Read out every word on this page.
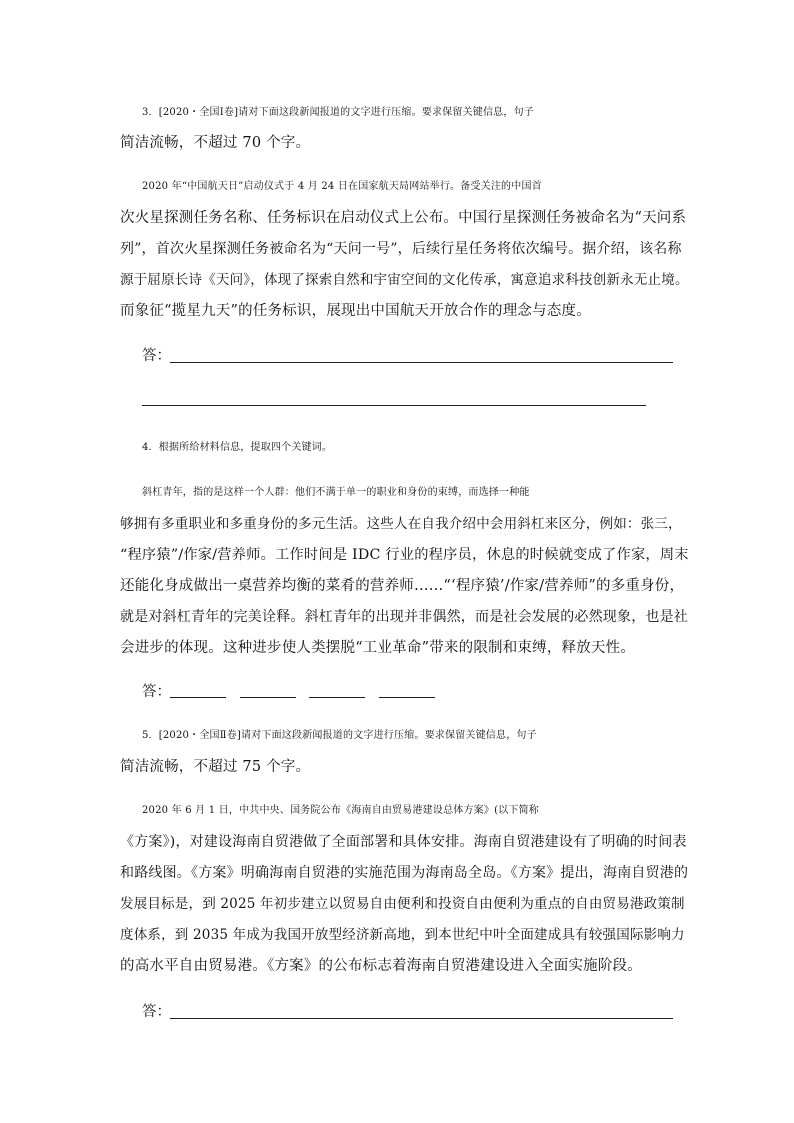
3．[2020・全国Ⅰ卷]请对下面这段新闻报道的文字进行压缩。要求保留关键信息，句子
简洁流畅，不超过 70 个字。
2020 年“中国航天日”启动仪式于 4 月 24 日在国家航天局网站举行。备受关注的中国首
次火星探测任务名称、任务标识在启动仪式上公布。中国行星探测任务被命名为“天问系
列”，首次火星探测任务被命名为“天问一号”，后续行星任务将依次编号。据介绍，该名称
源于屈原长诗《天问》，体现了探索自然和宇宙空间的文化传承，寓意追求科技创新永无止境。
而象征“揽星九天”的任务标识，展现出中国航天开放合作的理念与态度。
答：
4．根据所给材料信息，提取四个关键词。
斜杠青年，指的是这样一个人群：他们不满于单一的职业和身份的束缚，而选择一种能
够拥有多重职业和多重身份的多元生活。这些人在自我介绍中会用斜杠来区分，例如：张三，
“程序猿”/作家/营养师。工作时间是 IDC 行业的程序员，休息的时候就变成了作家，周末
还能化身成做出一桌营养均衡的菜肴的营养师……“‘程序猿’/作家/营养师”的多重身份，
就是对斜杠青年的完美诠释。斜杠青年的出现并非偶然，而是社会发展的必然现象，也是社
会进步的体现。这种进步使人类摆脱“工业革命”带来的限制和束缚，释放天性。
答：
5．[2020・全国Ⅱ卷]请对下面这段新闻报道的文字进行压缩。要求保留关键信息，句子
简洁流畅，不超过 75 个字。
2020 年 6 月 1 日，中共中央、国务院公布《海南自由贸易港建设总体方案》(以下简称
《方案》)，对建设海南自贸港做了全面部署和具体安排。海南自贸港建设有了明确的时间表
和路线图。《方案》明确海南自贸港的实施范围为海南岛全岛。《方案》提出，海南自贸港的
发展目标是，到 2025 年初步建立以贸易自由便利和投资自由便利为重点的自由贸易港政策制
度体系，到 2035 年成为我国开放型经济新高地，到本世纪中叶全面建成具有较强国际影响力
的高水平自由贸易港。《方案》的公布标志着海南自贸港建设进入全面实施阶段。
答：
